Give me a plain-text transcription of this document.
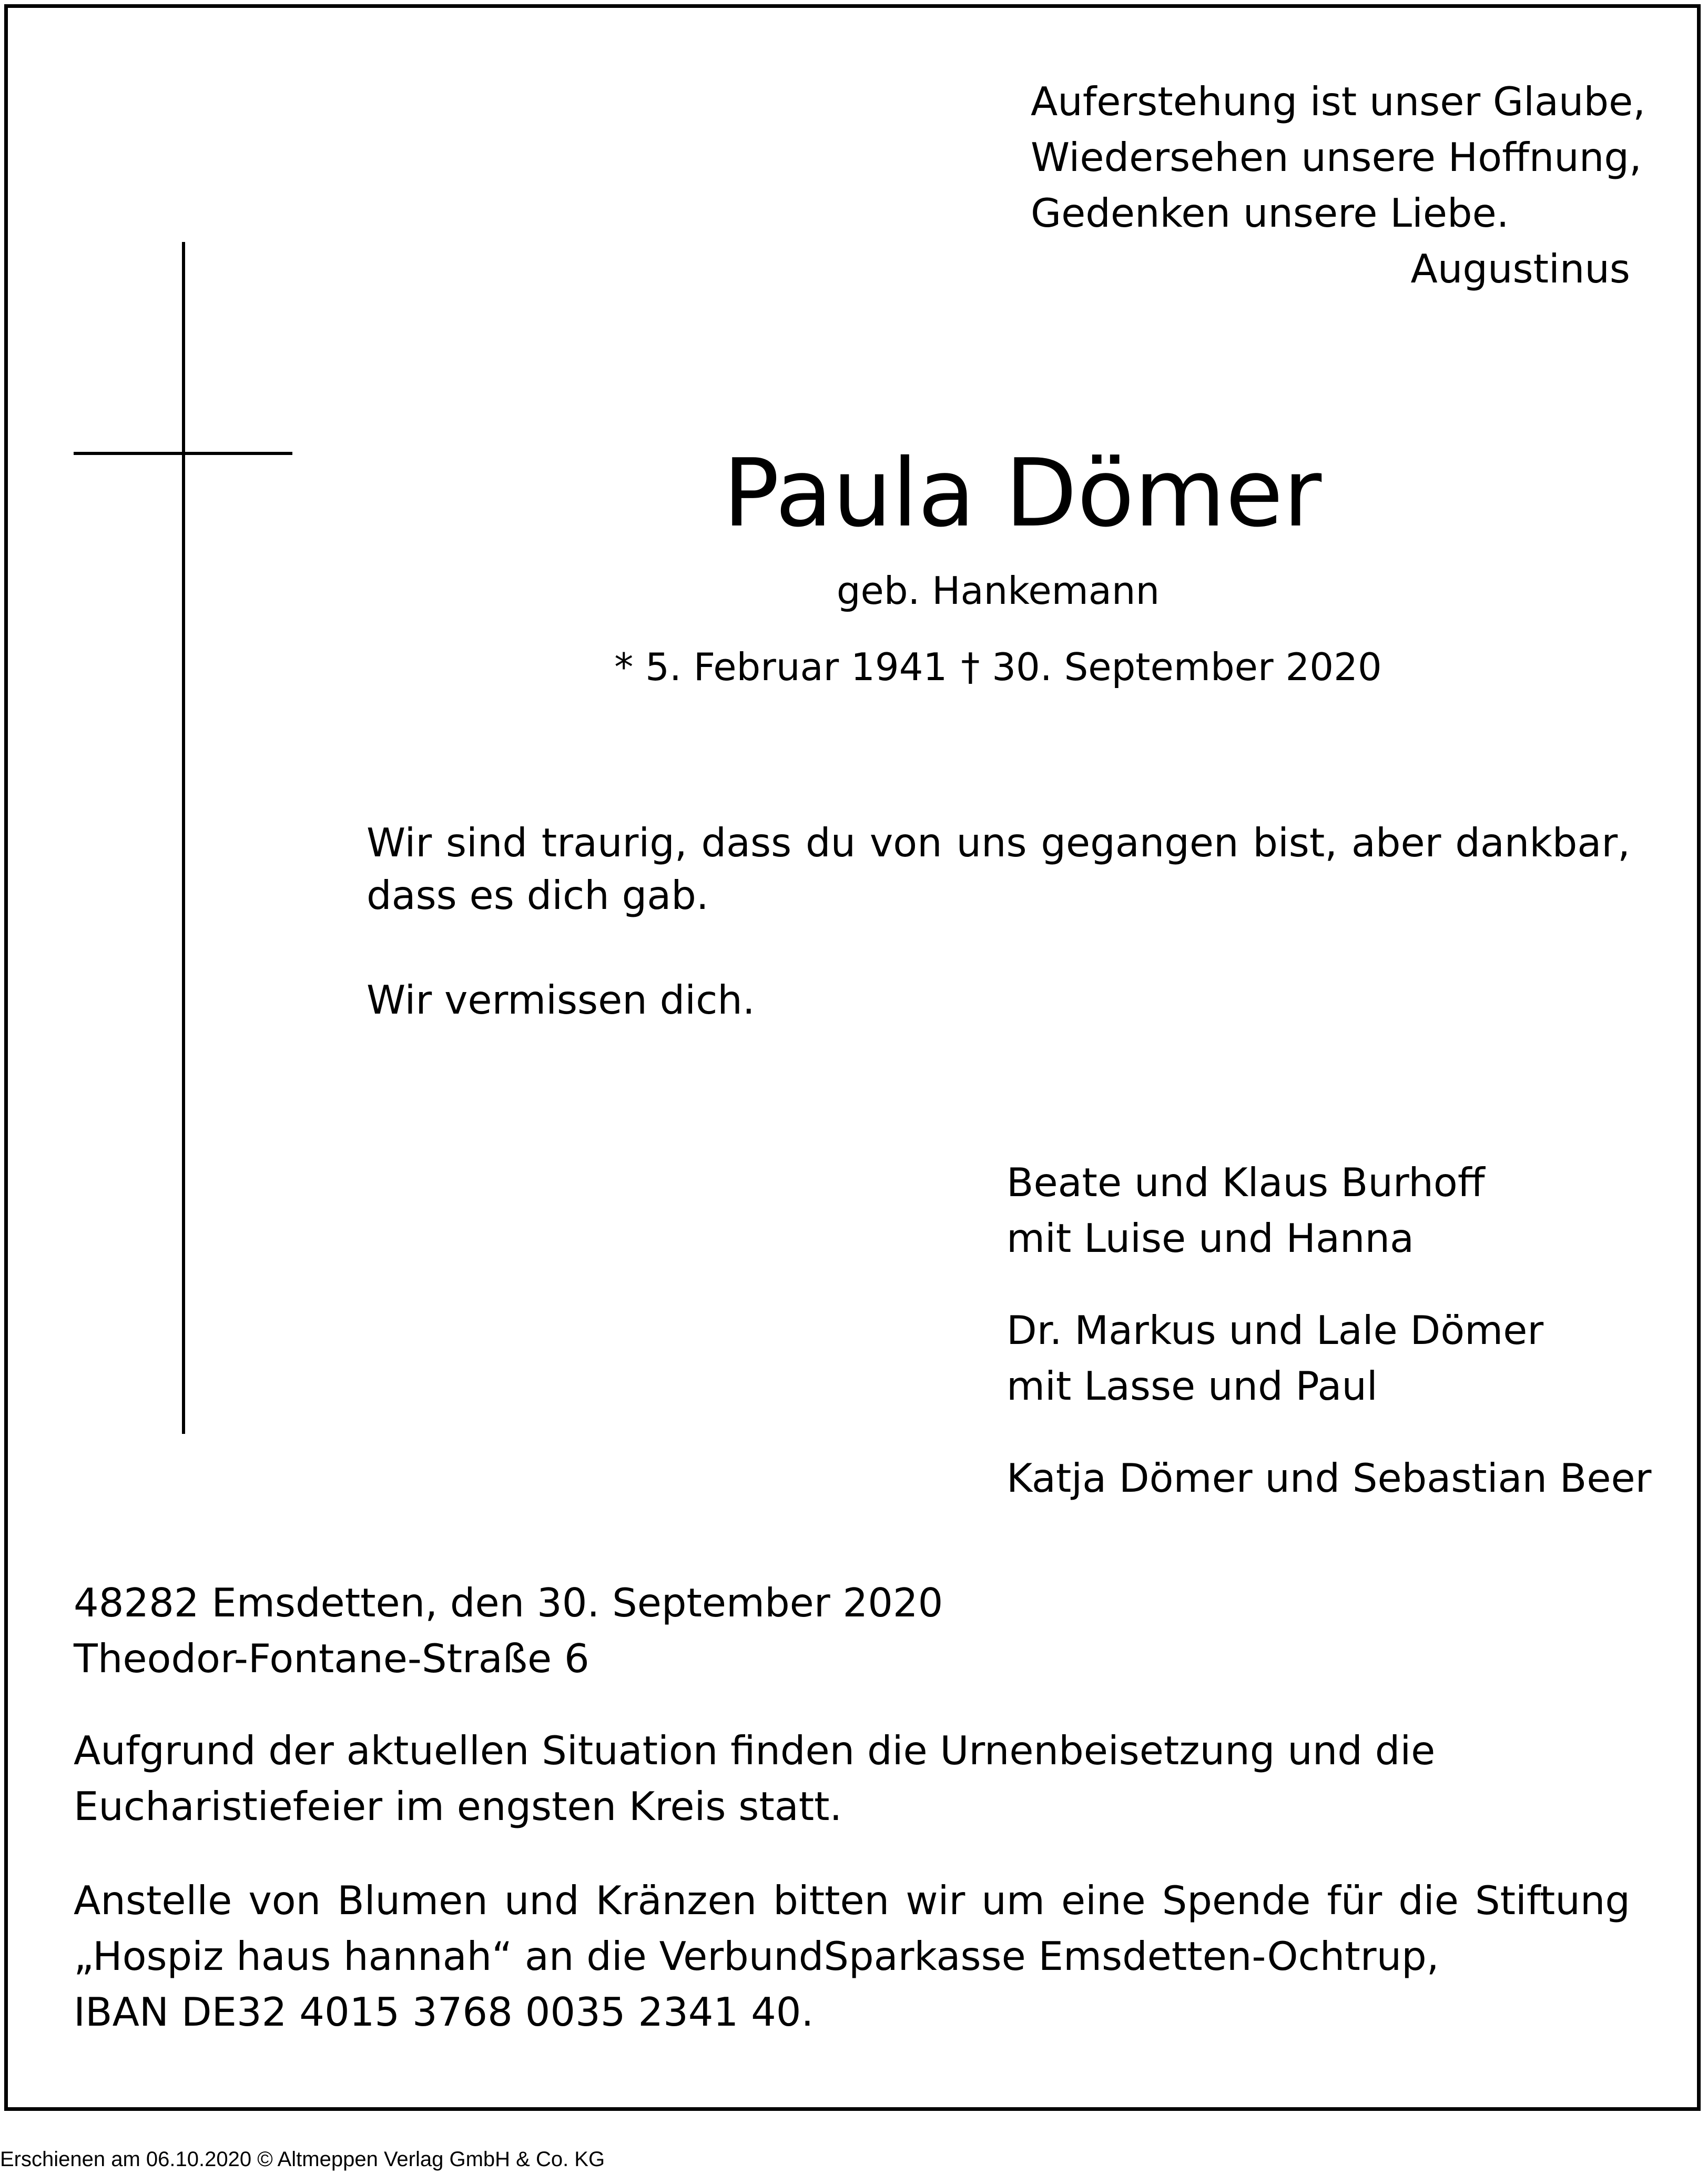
Auferstehung ist unser Glaube,
Wiedersehen unsere Hoffnung,
Gedenken unsere Liebe.
Augustinus
Paula Dömer
geb. Hankemann
* 5. Februar 1941 † 30. September 2020
Wir sind traurig, dass du von uns gegangen bist, aber dankbar,
dass es dich gab.
Wir vermissen dich.
Beate und Klaus Burhoff
mit Luise und Hanna
Dr. Markus und Lale Dömer
mit Lasse und Paul
Katja Dömer und Sebastian Beer
48282 Emsdetten, den 30. September 2020
Theodor-Fontane-Straße 6
Aufgrund der aktuellen Situation finden die Urnenbeisetzung und die
Eucharistiefeier im engsten Kreis statt.
Anstelle von Blumen und Kränzen bitten wir um eine Spende für die Stiftung
„Hospiz haus hannah“ an die VerbundSparkasse Emsdetten-Ochtrup,
IBAN DE32 4015 3768 0035 2341 40.
Erschienen am 06.10.2020 © Altmeppen Verlag GmbH & Co. KG
